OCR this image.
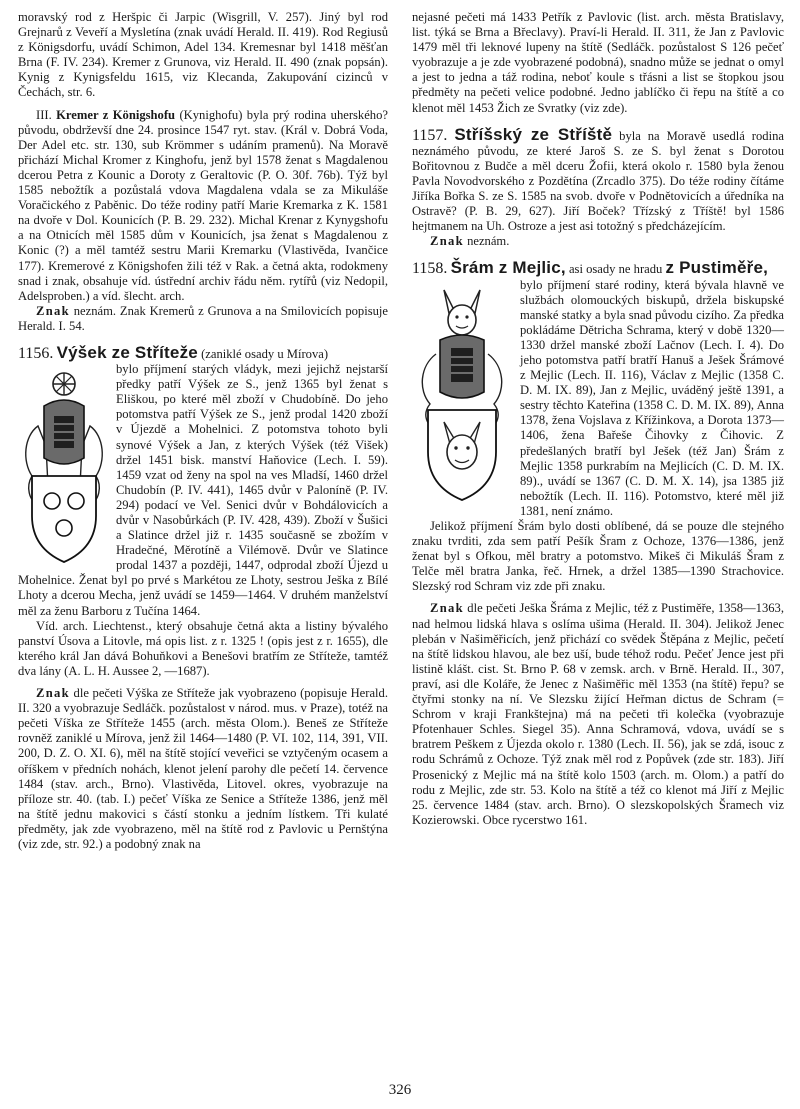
moravský rod z Heršpic či Jarpic (Wisgrill, V. 257). Jiný byl rod Grejnarů z Veveří a Mysletína (znak uvádí Herald. II. 419). Rod Regiusů z Königsdorfu, uvádí Schimon, Adel 134. Kremesnar byl 1418 měšťan Brna (F. IV. 234). Kremer z Grunova, viz Herald. II. 490 (znak popsán). Kynig z Kynigsfeldu 1615, viz Klecanda, Zakupování cizinců v Čechách, str. 6.

III. Kremer z Königshofu (Kynighofu) byla prý rodina uherského? původu, obdrževší dne 24. prosince 1547 ryt. stav. (Král v. Dobrá Voda, Der Adel etc. str. 130, sub Krömmer s udáním pramenů). Na Moravě přichází Michal Kromer z Kinghofu, jenž byl 1578 ženat s Magdalenou dcerou Petra z Kounic a Doroty z Geraltovic (P. O. 30f. 76b). Týž byl 1585 nebožtík a pozůstalá vdova Magdalena vdala se za Mikuláše Voračického z Paběnic. Do téže rodiny patří Marie Kremarka z K. 1581 na dvoře v Dol. Kounicích (P. B. 29. 232). Michal Krenar z Kynygshofu a na Otnicích měl 1585 dům v Kounicích, jsa ženat s Magdalenou z Konic (?) a měl tamtéž sestru Marii Kremarku (Vlastivěda, Ivančice 177). Kremerové z Königshofen žili též v Rak. a četná akta, rodokmeny snad i znak, obsahuje víd. ústřední archiv řádu něm. rytířů (viz Nedopil, Adelsproben.) a víd. šlecht. arch.

Znak neznám. Znak Kremerů z Grunova a na Smilovicích popisuje Herald. I. 54.

1156. Výšek ze Stříteže (zaniklé osady u Mírova)

bylo příjmení starých vládyk, mezi jejichž nejstarší předky patří Výšek ze S., jenž 1365 byl ženat s Eliškou, po které měl zboží v Chudobíně. Do jeho potomstva patří Výšek ze S., jenž prodal 1420 zboží v Újezdě a Mohelnici. Z potomstva tohoto byli synové Výšek a Jan, z kterých Výšek (též Višek) držel 1451 bisk. manství Haňovice (Lech. I. 59). 1459 vzat od ženy na spol na ves Mladší, 1460 držel Chudobín (P. IV. 441), 1465 dvůr v Paloníně (P. IV. 294) podací ve Vel. Senici dvůr v Bohdálovicích a dvůr v Nasobůrkách (P. IV. 428, 439). Zboží v Šušici a Slatince držel již r. 1435 současně se zbožím v Hradečné, Měrotíně a Vilémově. Dvůr ve Slatince prodal 1437 a později, 1447, odprodal zboží Újezd u Mohelnice. Ženat byl po prvé s Markétou ze Lhoty, sestrou Ješka z Bílé Lhoty a dcerou Mecha, jenž uvádí se 1459—1464. V druhém manželství měl za ženu Barboru z Tučína 1464.

Víd. arch. Liechtenst., který obsahuje četná akta a listiny bývalého panství Úsova a Litovle, má opis list. z r. 1325 ! (opis jest z r. 1655), dle kterého král Jan dává Bohuňkovi a Benešovi bratřím ze Stříteže, tamtéž dva lány (A. L. H. Aussee 2, —1687).

Znak dle pečeti Výška ze Stříteže jak vyobrazeno (popisuje Herald. II. 320 a vyobrazuje Sedláčk. pozůstalost v národ. mus. v Praze), totéž na pečeti Víška ze Stříteže 1455 (arch. města Olom.). Beneš ze Stříteže rovněž zaniklé u Mírova, jenž žil 1464—1480 (P. VI. 102, 114, 391, VII. 200, D. Z. O. XI. 6), měl na štítě stojící veveřici se vztyčeným ocasem a oříškem v předních nohách, klenot jelení parohy dle pečetí 14. července 1484 (stav. arch., Brno). Vlastivěda, Litovel. okres, vyobrazuje na příloze str. 40. (tab. I.) pečeť Víška ze Senice a Stříteže 1386, jenž měl na štítě jednu makovici s částí stonku a jedním lístkem. Tři kulaté předměty, jak zde vyobrazeno, měl na štítě rod z Pavlovic u Pernštýna (viz zde, str. 92.) a podobný znak na

nejasné pečeti má 1433 Petřík z Pavlovic (list. arch. města Bratislavy, list. týká se Brna a Břeclavy). Praví-li Herald. II. 311, že Jan z Pavlovic 1479 měl tři leknové lupeny na štítě (Sedláčk. pozůstalost S 126 pečeť vyobrazuje a je zde vyobrazené podobná), snadno může se jednat o omyl a jest to jedna a táž rodina, neboť koule s třásni a list se štopkou jsou předměty na pečeti velice podobné. Jedno jablíčko či řepu na štítě a co klenot měl 1453 Žich ze Svratky (viz zde).

1157. Stříšský ze Stříště byla na Moravě usedlá rodina neznámého původu, ze které Jaroš S. ze S. byl ženat s Dorotou Bořitovnou z Budče a měl dceru Žofii, která okolo r. 1580 byla ženou Pavla Novodvorského z Pozdětína (Zrcadlo 375). Do téže rodiny čítáme Jiříka Bořka S. ze S. 1585 na svob. dvoře v Podnětovicích a úředníka na Ostravě? (P. B. 29, 627). Jiří Boček? Třízský z Tříště! byl 1586 hejtmanem na Uh. Ostroze a jest asi totožný s předcházejícím.

Znak neznám.

1158. Šrám z Mejlic, asi osady ne hradu z Pustiměře,

bylo příjmení staré rodiny, která bývala hlavně ve službách olomouckých biskupů, držela biskupské manské statky a byla snad původu cizího. Za předka pokládáme Dětricha Schrama, který v době 1320—1330 držel manské zboží Lačnov (Lech. I. 4). Do jeho potomstva patří bratří Hanuš a Ješek Šrámové z Mejlic (Lech. II. 116), Václav z Mejlic (1358 C. D. M. IX. 89), Jan z Mejlic, uváděný ještě 1391, a sestry těchto Kateřina (1358 C. D. M. IX. 89), Anna 1378, žena Vojslava z Křížinkova, a Dorota 1373—1406, žena Bařeše Čihovky z Čihovic. Z předešlaných bratří byl Ješek (též Jan) Šrám z Mejlic 1358 purkrabím na Mejlicích (C. D. M. IX. 89)., uvádí se 1367 (C. D. M. X. 14), jsa 1385 již nebožtík (Lech. II. 116). Potomstvo, které měl již 1381, není známo.

Jelikož příjmení Šrám bylo dosti oblíbené, dá se pouze dle stejného znaku tvrditi, zda sem patří Pešík Šram z Ochoze, 1376—1386, jenž ženat byl s Ofkou, měl bratry a potomstvo. Mikeš či Mikuláš Šram z Telče měl bratra Janka, řeč. Hrnek, a držel 1385—1390 Strachovice. Slezský rod Schram viz zde při znaku.

Znak dle pečeti Ješka Šráma z Mejlic, též z Pustiměře, 1358—1363, nad helmou lidská hlava s oslíma ušima (Herald. II. 304). Jelikož Jenec plebán v Našiměřicích, jenž přichází co svědek Štěpána z Mejlic, pečetí na štítě lidskou hlavou, ale bez uší, bude téhož rodu. Pečeť Jence jest při listině klášt. cist. St. Brno P. 68 v zemsk. arch. v Brně. Herald. II., 307, praví, asi dle Koláře, že Jenec z Našiměřic měl 1353 (na štítě) řepu? se čtyřmi stonky na ní. Ve Slezsku žijící Heřman dictus de Schram (= Schrom v kraji Frankštejna) má na pečeti tři kolečka (vyobrazuje Pfotenhauer Schles. Siegel 35). Anna Schramová, vdova, uvádí se s bratrem Peškem z Újezda okolo r. 1380 (Lech. II. 56), jak se zdá, isouc z rodu Schrámů z Ochoze. Týž znak měl rod z Popůvek (zde str. 183). Jiří Prosenický z Mejlic má na štítě kolo 1503 (arch. m. Olom.) a patří do rodu z Mejlic, zde str. 53. Kolo na štítě a též co klenot má Jiří z Mejlic 25. července 1484 (stav. arch. Brno). O slezskopolských Šramech viz Kozierowski. Obce rycerstwo 161.

326
